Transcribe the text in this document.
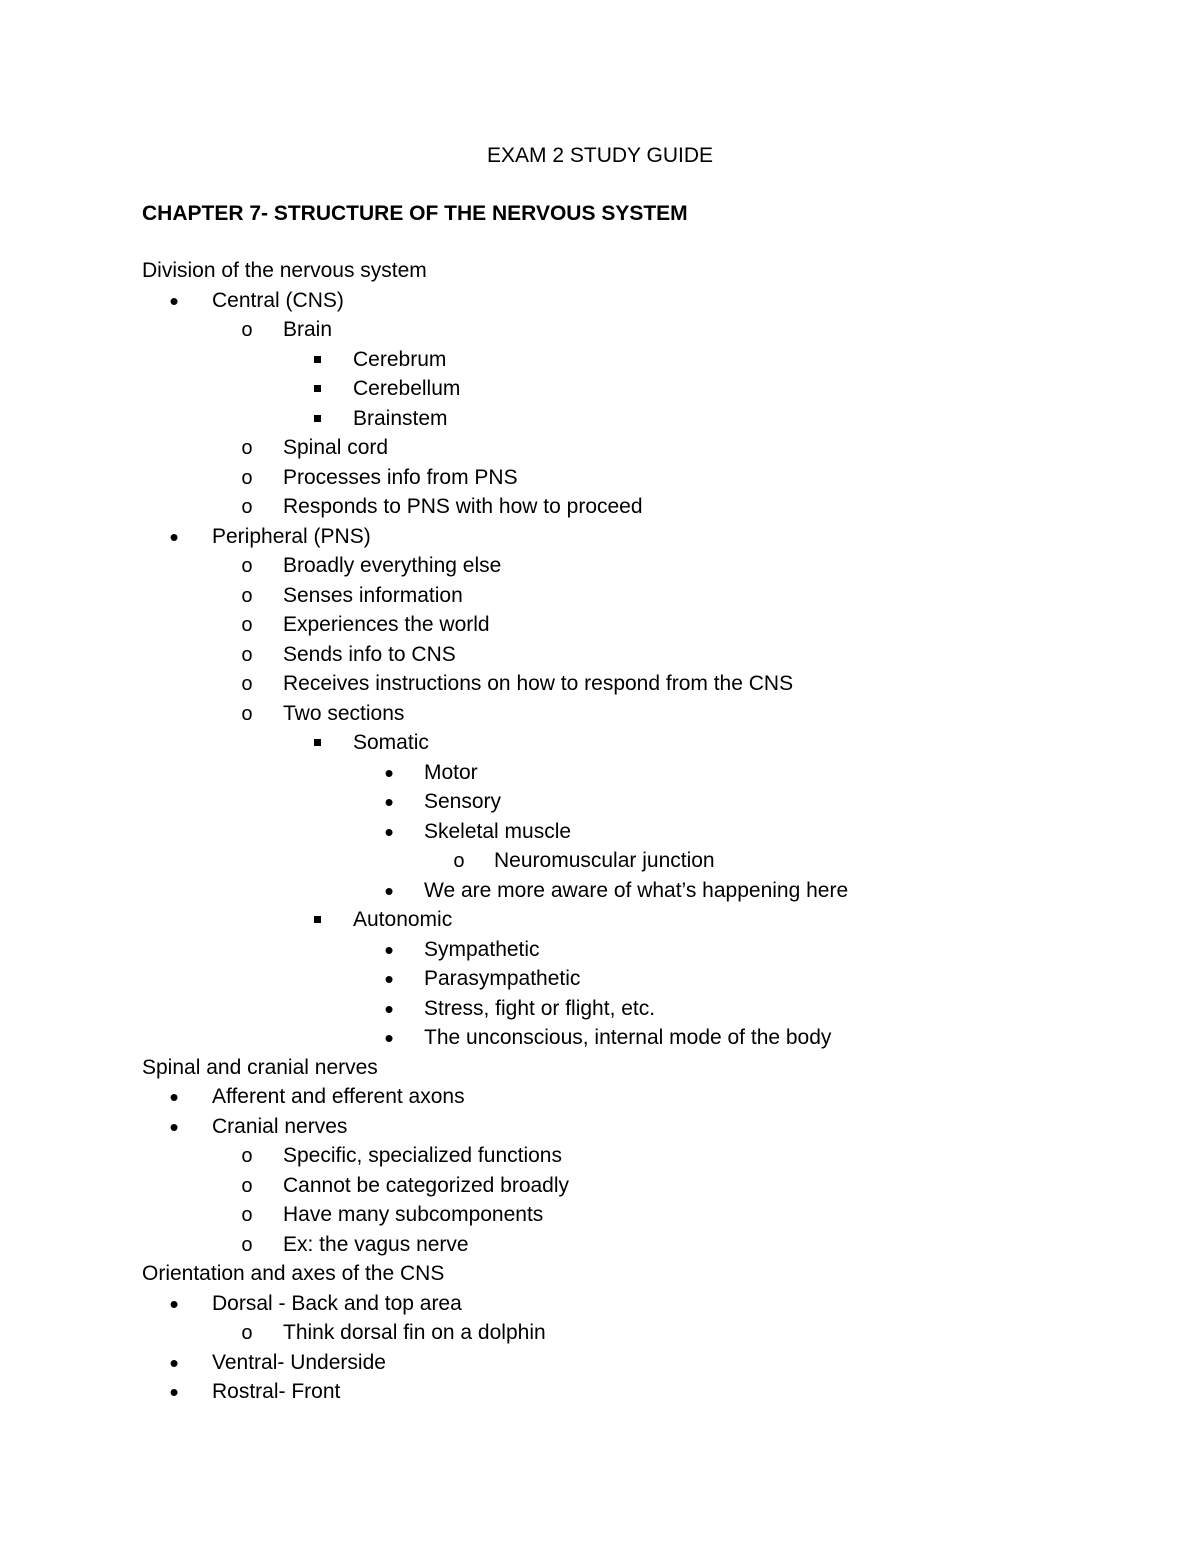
EXAM 2 STUDY GUIDE
CHAPTER 7- STRUCTURE OF THE NERVOUS SYSTEM
Division of the nervous system
•
Central (CNS)
o
Brain
Cerebrum
Cerebellum
Brainstem
o
Spinal cord
o
Processes info from PNS
o
Responds to PNS with how to proceed
•
Peripheral (PNS)
o
Broadly everything else
o
Senses information
o
Experiences the world
o
Sends info to CNS
o
Receives instructions on how to respond from the CNS
o
Two sections
Somatic
•
Motor
•
Sensory
•
Skeletal muscle
o
Neuromuscular junction
•
We are more aware of what’s happening here
Autonomic
•
Sympathetic
•
Parasympathetic
•
Stress, fight or flight, etc.
•
The unconscious, internal mode of the body
Spinal and cranial nerves
•
Afferent and efferent axons
•
Cranial nerves
o
Specific, specialized functions
o
Cannot be categorized broadly
o
Have many subcomponents
o
Ex: the vagus nerve
Orientation and axes of the CNS
•
Dorsal - Back and top area
o
Think dorsal fin on a dolphin
•
Ventral- Underside
•
Rostral- Front
